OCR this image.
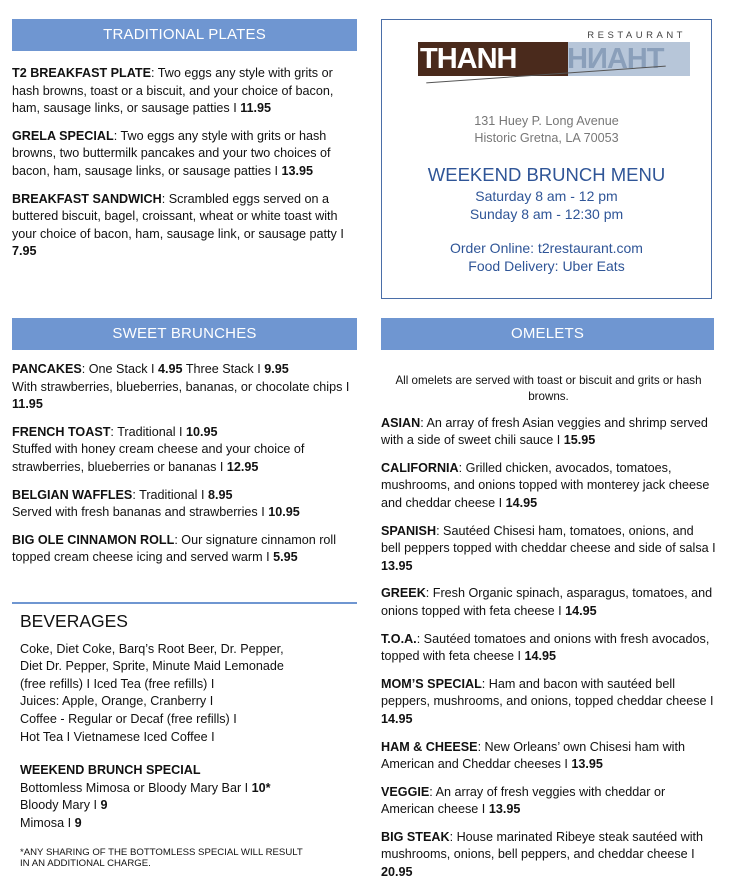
TRADITIONAL PLATES

T2 BREAKFAST PLATE: Two eggs any style with grits or hash browns, toast or a biscuit, and your choice of bacon, ham, sausage links, or sausage patties I 11.95

GRELA SPECIAL: Two eggs any style with grits or hash browns, two buttermilk pancakes and your two choices of bacon, ham, sausage links, or sausage patties I 13.95

BREAKFAST SANDWICH: Scrambled eggs served on a buttered biscuit, bagel, croissant, wheat or white toast with your choice of bacon, ham, sausage link, or sausage patty I 7.95

RESTAURANT
THANH THANH
131 Huey P. Long Avenue
Historic Gretna, LA 70053
WEEKEND BRUNCH MENU
Saturday 8 am - 12 pm
Sunday 8 am - 12:30 pm
Order Online: t2restaurant.com
Food Delivery: Uber Eats
SWEET BRUNCHES

PANCAKES: One Stack I 4.95 Three Stack I 9.95
With strawberries, blueberries, bananas, or chocolate chips I 11.95

FRENCH TOAST: Traditional I 10.95
Stuffed with honey cream cheese and your choice of strawberries, blueberries or bananas I 12.95

BELGIAN WAFFLES: Traditional I 8.95
Served with fresh bananas and strawberries I 10.95

BIG OLE CINNAMON ROLL: Our signature cinnamon roll topped cream cheese icing and served warm I 5.95

BEVERAGES

Coke, Diet Coke, Barq’s Root Beer, Dr. Pepper,

Diet Dr. Pepper, Sprite, Minute Maid Lemonade

(free refills) I Iced Tea (free refills) I

Juices: Apple, Orange, Cranberry I

Coffee - Regular or Decaf (free refills) I

Hot Tea I Vietnamese Iced Coffee I

WEEKEND BRUNCH SPECIAL

Bottomless Mimosa or Bloody Mary Bar I 10*

Bloody Mary I 9

Mimosa I 9

*ANY SHARING OF THE BOTTOMLESS SPECIAL WILL RESULT
IN AN ADDITIONAL CHARGE.
OMELETS

All omelets are served with toast or biscuit and grits or hash browns.

ASIAN: An array of fresh Asian veggies and shrimp served with a side of sweet chili sauce I 15.95

CALIFORNIA: Grilled chicken, avocados, tomatoes, mushrooms, and onions topped with monterey jack cheese and cheddar cheese I 14.95

SPANISH: Sautéed Chisesi ham, tomatoes, onions, and bell peppers topped with cheddar cheese and side of salsa I 13.95

GREEK: Fresh Organic spinach, asparagus, tomatoes, and onions topped with feta cheese I 14.95

T.O.A.: Sautéed tomatoes and onions with fresh avocados, topped with feta cheese I 14.95

MOM’S SPECIAL: Ham and bacon with sautéed bell peppers, mushrooms, and onions, topped cheddar cheese I 14.95

HAM & CHEESE: New Orleans’ own Chisesi ham with American and Cheddar cheeses I 13.95

VEGGIE: An array of fresh veggies with cheddar or American cheese I 13.95

BIG STEAK: House marinated Ribeye steak sautéed with mushrooms, onions, bell peppers, and cheddar cheese I 20.95
